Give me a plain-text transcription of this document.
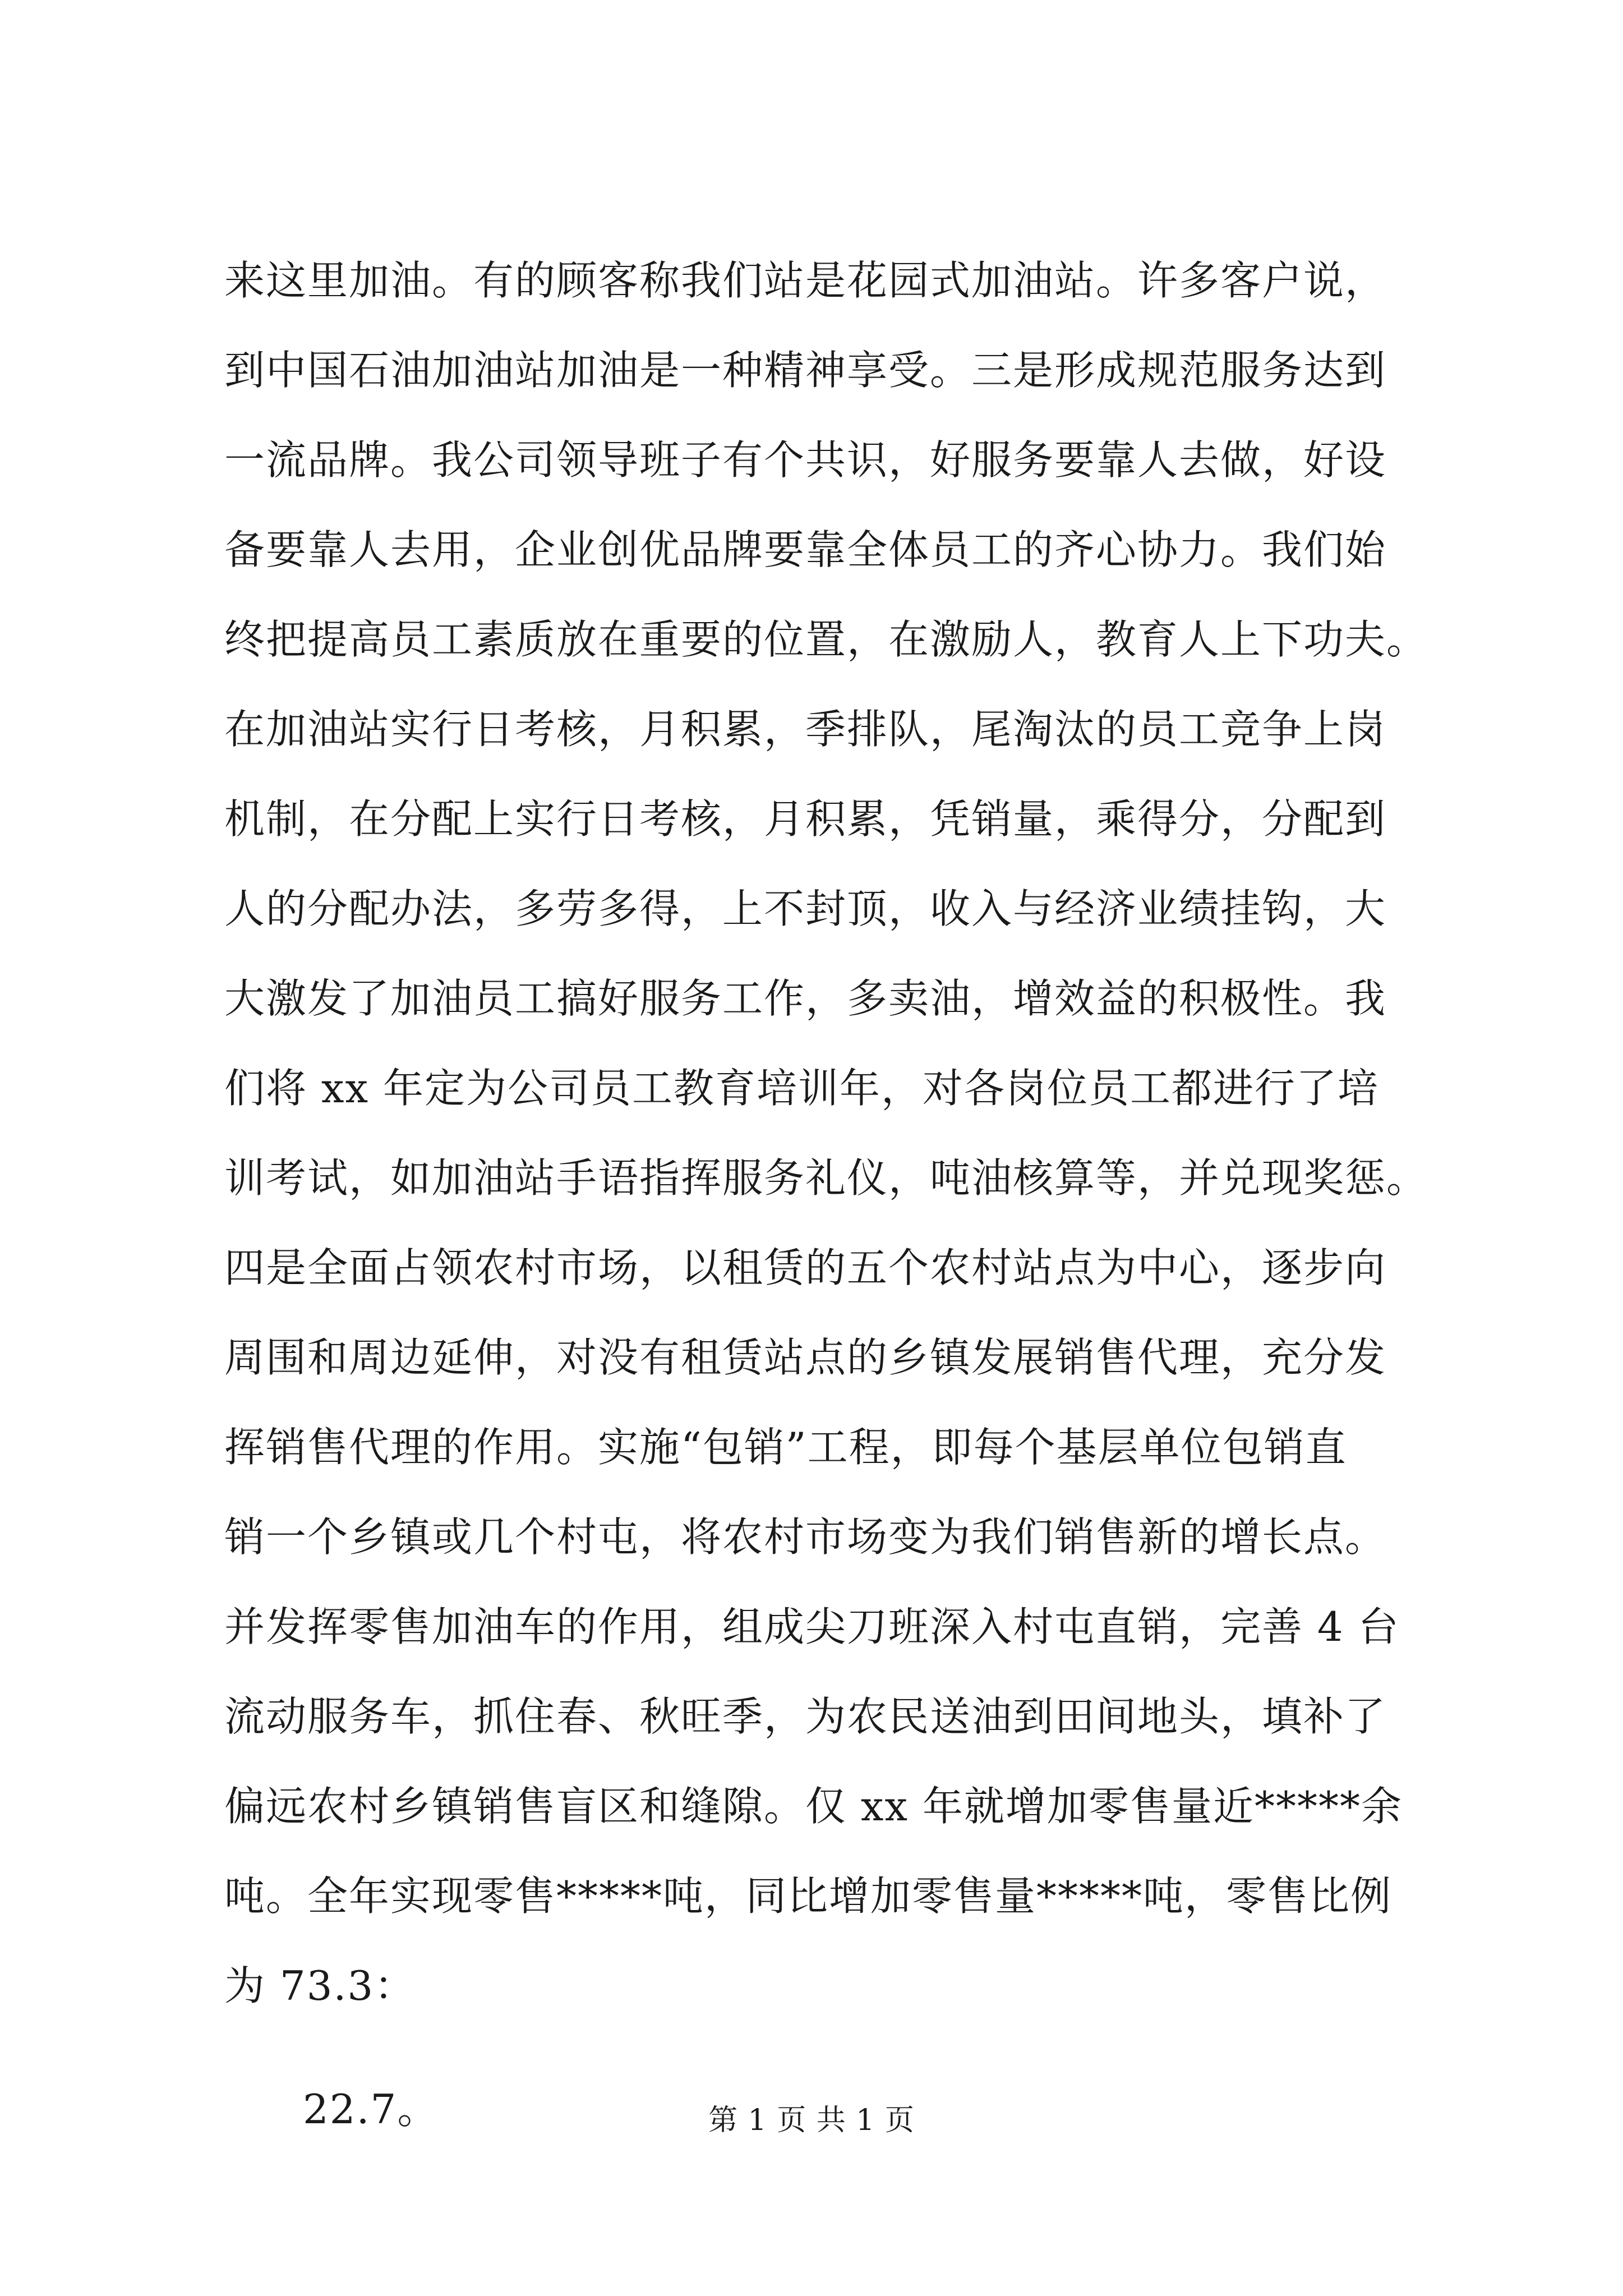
来这里加油。有的顾客称我们站是花园式加油站。许多客户说，
到中国石油加油站加油是一种精神享受。三是形成规范服务达到
一流品牌。我公司领导班子有个共识，好服务要靠人去做，好设
备要靠人去用，企业创优品牌要靠全体员工的齐心协力。我们始
终把提高员工素质放在重要的位置，在激励人，教育人上下功夫。
在加油站实行日考核，月积累，季排队，尾淘汰的员工竞争上岗
机制，在分配上实行日考核，月积累，凭销量，乘得分，分配到
人的分配办法，多劳多得，上不封顶，收入与经济业绩挂钩，大
大激发了加油员工搞好服务工作，多卖油，增效益的积极性。我
们将 xx 年定为公司员工教育培训年，对各岗位员工都进行了培
训考试，如加油站手语指挥服务礼仪，吨油核算等，并兑现奖惩。
四是全面占领农村市场，以租赁的五个农村站点为中心，逐步向
周围和周边延伸，对没有租赁站点的乡镇发展销售代理，充分发
挥销售代理的作用。实施“包销”工程，即每个基层单位包销直
销一个乡镇或几个村屯，将农村市场变为我们销售新的增长点。
并发挥零售加油车的作用，组成尖刀班深入村屯直销，完善 4 台
流动服务车，抓住春、秋旺季，为农民送油到田间地头，填补了
偏远农村乡镇销售盲区和缝隙。仅 xx 年就增加零售量近*****余
吨。全年实现零售*****吨，同比增加零售量*****吨，零售比例
为 73.3：
22.7。	第 1 页 共 1 页
